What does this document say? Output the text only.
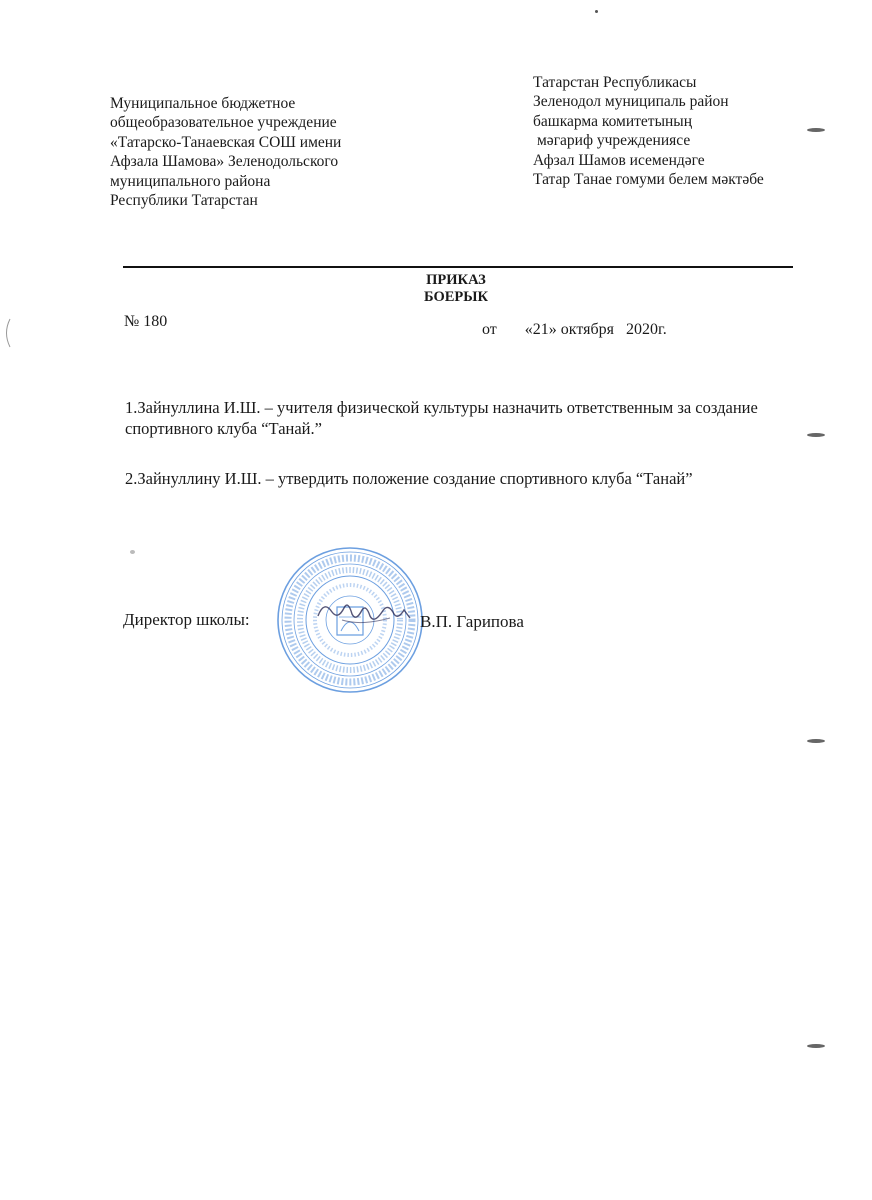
Муниципальное бюджетное
общеобразовательное учреждение
«Татарско-Танаевская СОШ имени
Афзала Шамова» Зеленодольского
муниципального района
Республики Татарстан
Татарстан Республикасы
Зеленодол муниципаль район
башкарма комитетының
мәгариф учреждениясе
Афзал Шамов исемендәге
Татар Танае гомуми белем мәктәбе
ПРИКАЗ
БОЕРЫК
№ 180	от       «21» октября   2020г.
1.Зайнуллина И.Ш. – учителя физической культуры назначить ответственным за создание спортивного клуба “Танай.”
2.Зайнуллину И.Ш. – утвердить положение создание спортивного клуба “Танай”
Директор школы:	В.П. Гарипова
